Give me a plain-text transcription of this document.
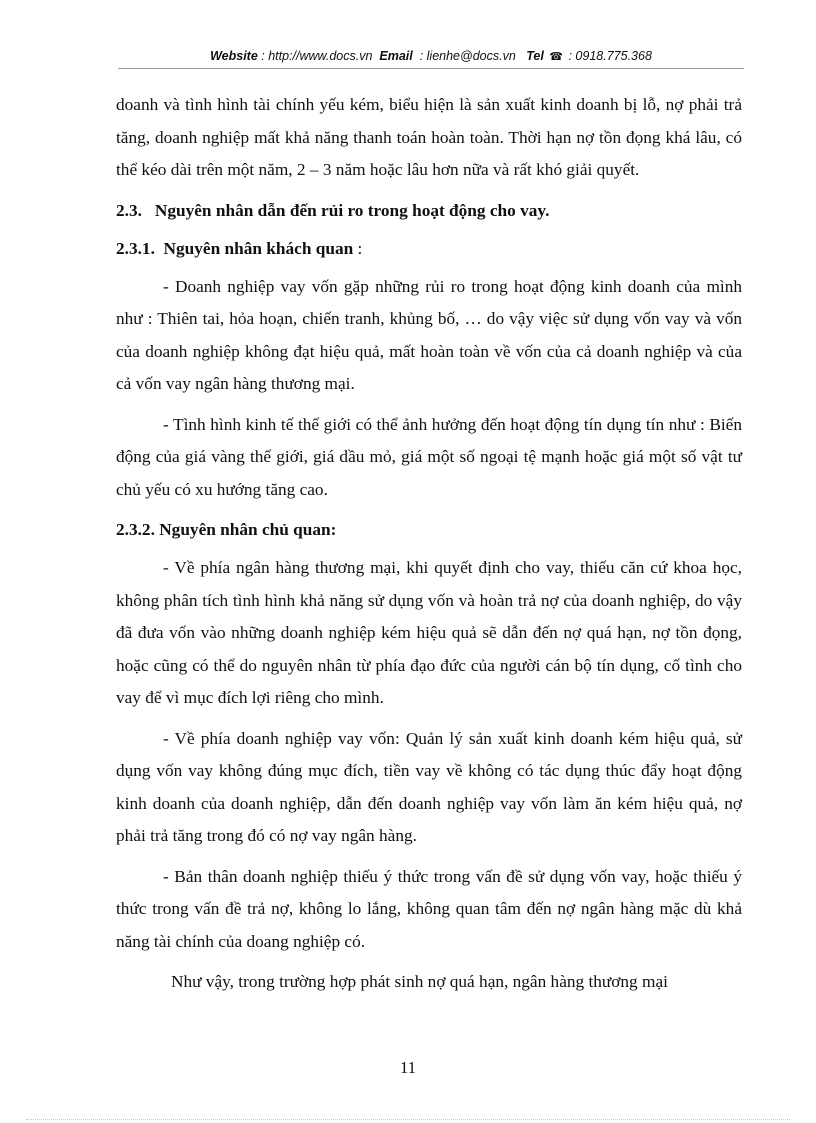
Website : http://www.docs.vn Email : lienhe@docs.vn Tel ☎ : 0918.775.368

doanh và tình hình tài chính yếu kém, biểu hiện là sản xuất kinh doanh bị lỗ, nợ phải trả tăng, doanh nghiệp mất khả năng thanh toán hoàn toàn. Thời hạn nợ tồn đọng khá lâu, có thể kéo dài trên một năm, 2 – 3 năm hoặc lâu hơn nữa và rất khó giải quyết.

2.3.   Nguyên nhân dẫn đến rủi ro trong hoạt động cho vay.
2.3.1.  Nguyên nhân khách quan :

- Doanh nghiệp vay vốn gặp những rủi ro trong hoạt động kinh doanh của mình như : Thiên tai, hỏa hoạn, chiến tranh, khủng bố, … do vậy việc sử dụng vốn vay và vốn của doanh nghiệp không đạt hiệu quả, mất hoàn toàn về vốn của cả doanh nghiệp và của cả vốn vay ngân hàng thương mại.

- Tình hình kinh tế thế giới có thể ảnh hưởng đến hoạt động tín dụng tín như : Biến động của giá vàng thế giới, giá dầu mỏ, giá một số ngoại tệ mạnh hoặc giá một số vật tư chủ yếu có xu hướng tăng cao.

2.3.2. Nguyên nhân chủ quan:

- Về phía ngân hàng thương mại, khi quyết định cho vay, thiếu căn cứ khoa học, không phân tích tình hình khả năng sử dụng vốn và hoàn trả nợ của doanh nghiệp, do vậy đã đưa vốn vào những doanh nghiệp kém hiệu quả sẽ dẫn đến nợ quá hạn, nợ tồn đọng, hoặc cũng có thể do nguyên nhân từ phía đạo đức của người cán bộ tín dụng, cố tình cho vay để vì mục đích lợi riêng cho mình.

- Về phía doanh nghiệp vay vốn: Quản lý sản xuất kinh doanh kém hiệu quả, sử dụng vốn vay không đúng mục đích, tiền vay về không có tác dụng thúc đẩy hoạt động kinh doanh của doanh nghiệp, dẫn đến doanh nghiệp vay vốn làm ăn kém hiệu quả, nợ phải trả tăng trong đó có nợ vay ngân hàng.

- Bản thân doanh nghiệp thiếu ý thức trong vấn đề sử dụng vốn vay, hoặc thiếu ý thức trong vấn đề trả nợ, không lo lắng, không quan tâm đến nợ ngân hàng mặc dù khả năng tài chính của doang nghiệp có.

Như vậy, trong trường hợp phát sinh nợ quá hạn, ngân hàng thương mại

11
